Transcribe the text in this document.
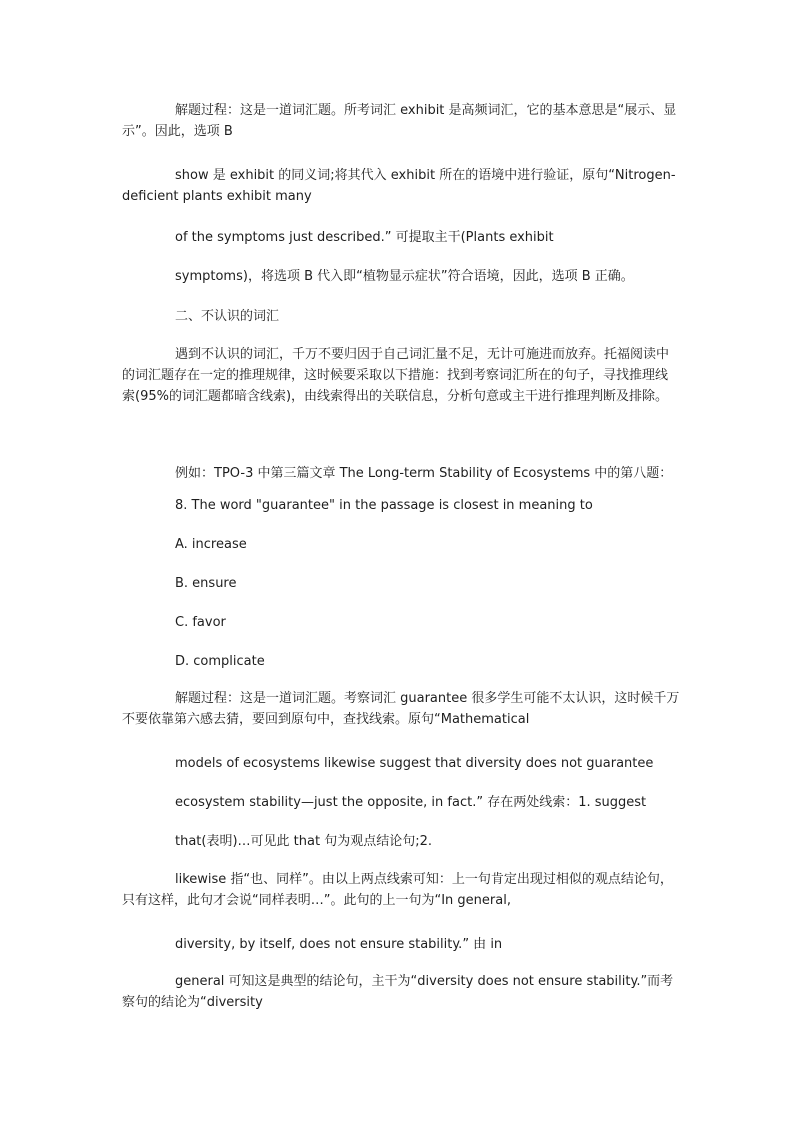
解题过程：这是一道词汇题。所考词汇 exhibit 是高频词汇，它的基本意思是“展示、显示”。因此，选项 B

show 是 exhibit 的同义词;将其代入 exhibit 所在的语境中进行验证，原句“Nitrogen-deficient plants exhibit many

of the symptoms just described.” 可提取主干(Plants exhibit

symptoms)，将选项 B 代入即“植物显示症状”符合语境，因此，选项 B 正确。

二、不认识的词汇

遇到不认识的词汇，千万不要归因于自己词汇量不足，无计可施进而放弃。托福阅读中的词汇题存在一定的推理规律，这时候要采取以下措施：找到考察词汇所在的句子，寻找推理线索(95%的词汇题都暗含线索)，由线索得出的关联信息，分析句意或主干进行推理判断及排除。

例如：TPO-3 中第三篇文章 The Long-term Stability of Ecosystems 中的第八题：

8. The word "guarantee" in the passage is closest in meaning to

A. increase

B. ensure

C. favor

D. complicate

解题过程：这是一道词汇题。考察词汇 guarantee 很多学生可能不太认识，这时候千万不要依靠第六感去猜，要回到原句中，查找线索。原句“Mathematical

models of ecosystems likewise suggest that diversity does not guarantee

ecosystem stability—just the opposite, in fact.” 存在两处线索：1. suggest

that(表明)…可见此 that 句为观点结论句;2.

likewise 指“也、同样”。由以上两点线索可知：上一句肯定出现过相似的观点结论句，只有这样，此句才会说“同样表明…”。此句的上一句为“In general,

diversity, by itself, does not ensure stability.” 由 in

general 可知这是典型的结论句，主干为“diversity does not ensure stability.”而考察句的结论为“diversity
